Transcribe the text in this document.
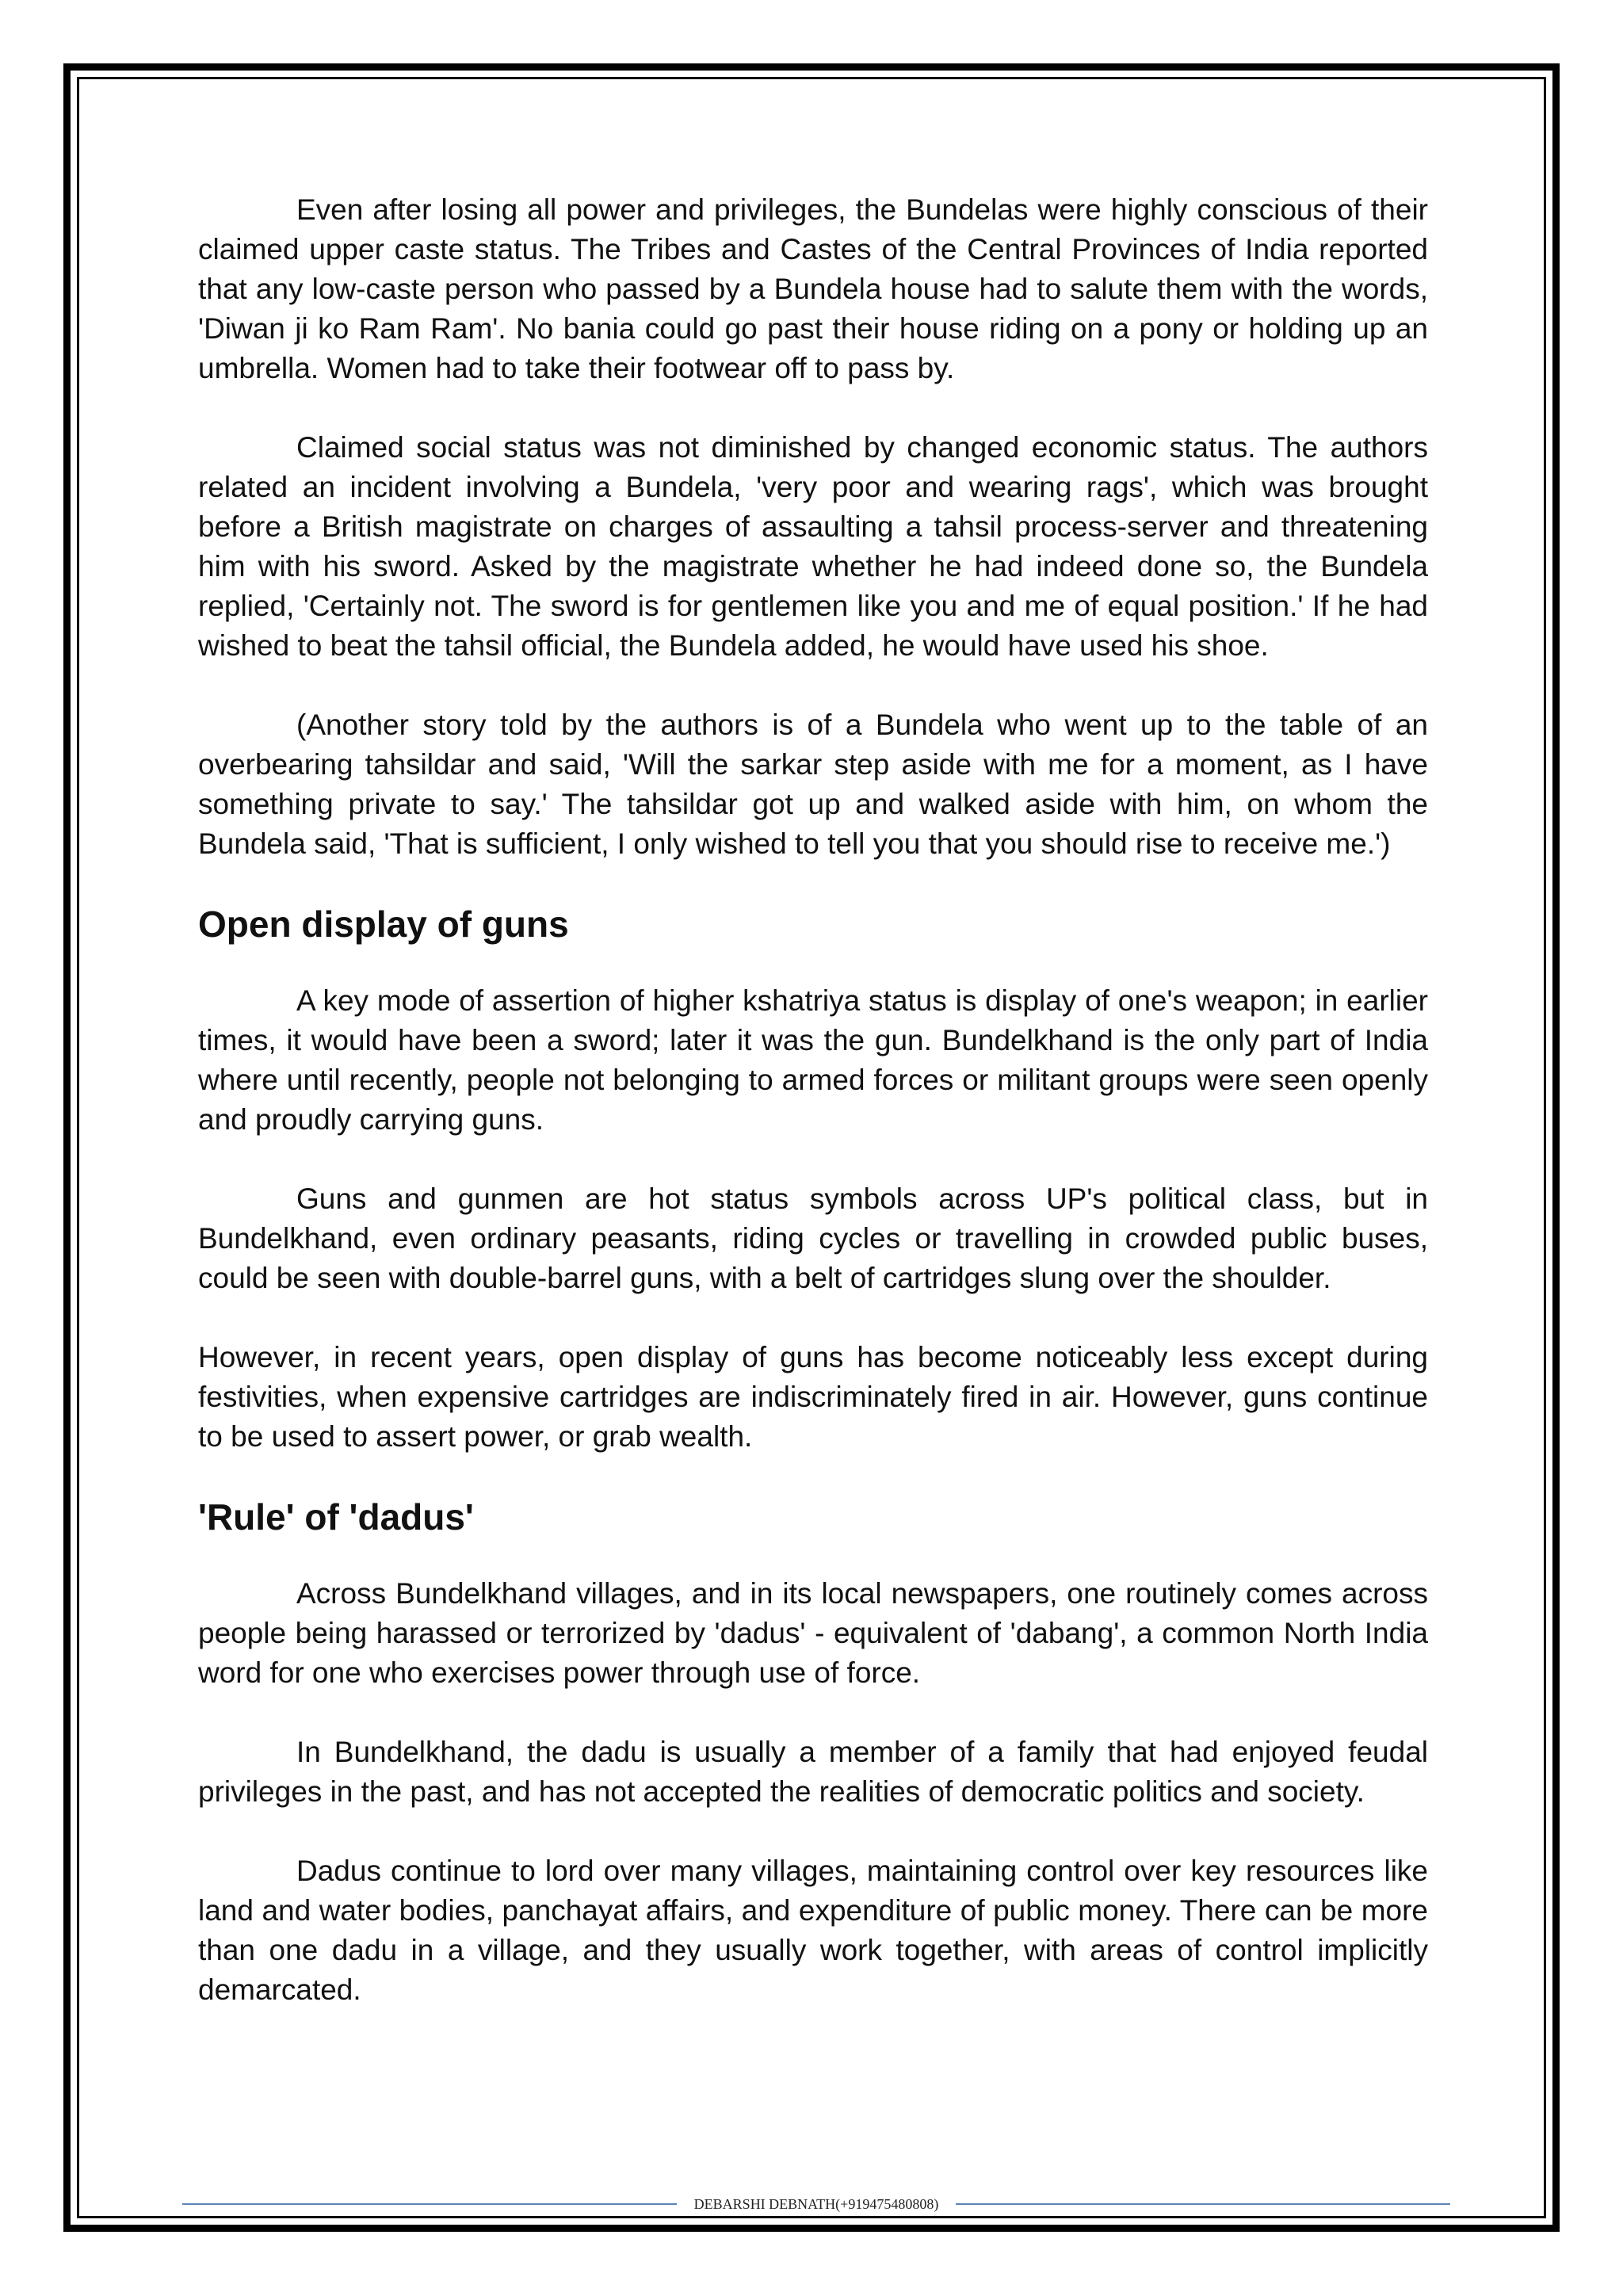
Even after losing all power and privileges, the Bundelas were highly conscious of their claimed upper caste status. The Tribes and Castes of the Central Provinces of India reported that any low-caste person who passed by a Bundela house had to salute them with the words, 'Diwan ji ko Ram Ram'. No bania could go past their house riding on a pony or holding up an umbrella. Women had to take their footwear off to pass by.

Claimed social status was not diminished by changed economic status. The authors related an incident involving a Bundela, 'very poor and wearing rags', which was brought before a British magistrate on charges of assaulting a tahsil process-server and threatening him with his sword. Asked by the magistrate whether he had indeed done so, the Bundela replied, 'Certainly not. The sword is for gentlemen like you and me of equal position.' If he had wished to beat the tahsil official, the Bundela added, he would have used his shoe.

(Another story told by the authors is of a Bundela who went up to the table of an overbearing tahsildar and said, 'Will the sarkar step aside with me for a moment, as I have something private to say.' The tahsildar got up and walked aside with him, on whom the Bundela said, 'That is sufficient, I only wished to tell you that you should rise to receive me.')

Open display of guns

A key mode of assertion of higher kshatriya status is display of one's weapon; in earlier times, it would have been a sword; later it was the gun. Bundelkhand is the only part of India where until recently, people not belonging to armed forces or militant groups were seen openly and proudly carrying guns.

Guns and gunmen are hot status symbols across UP's political class, but in Bundelkhand, even ordinary peasants, riding cycles or travelling in crowded public buses, could be seen with double-barrel guns, with a belt of cartridges slung over the shoulder.

However, in recent years, open display of guns has become noticeably less except during festivities, when expensive cartridges are indiscriminately fired in air. However, guns continue to be used to assert power, or grab wealth.

'Rule' of 'dadus'

Across Bundelkhand villages, and in its local newspapers, one routinely comes across people being harassed or terrorized by 'dadus' - equivalent of 'dabang', a common North India word for one who exercises power through use of force.

In Bundelkhand, the dadu is usually a member of a family that had enjoyed feudal privileges in the past, and has not accepted the realities of democratic politics and society.

Dadus continue to lord over many villages, maintaining control over key resources like land and water bodies, panchayat affairs, and expenditure of public money. There can be more than one dadu in a village, and they usually work together, with areas of control implicitly demarcated.

DEBARSHI DEBNATH(+919475480808)
